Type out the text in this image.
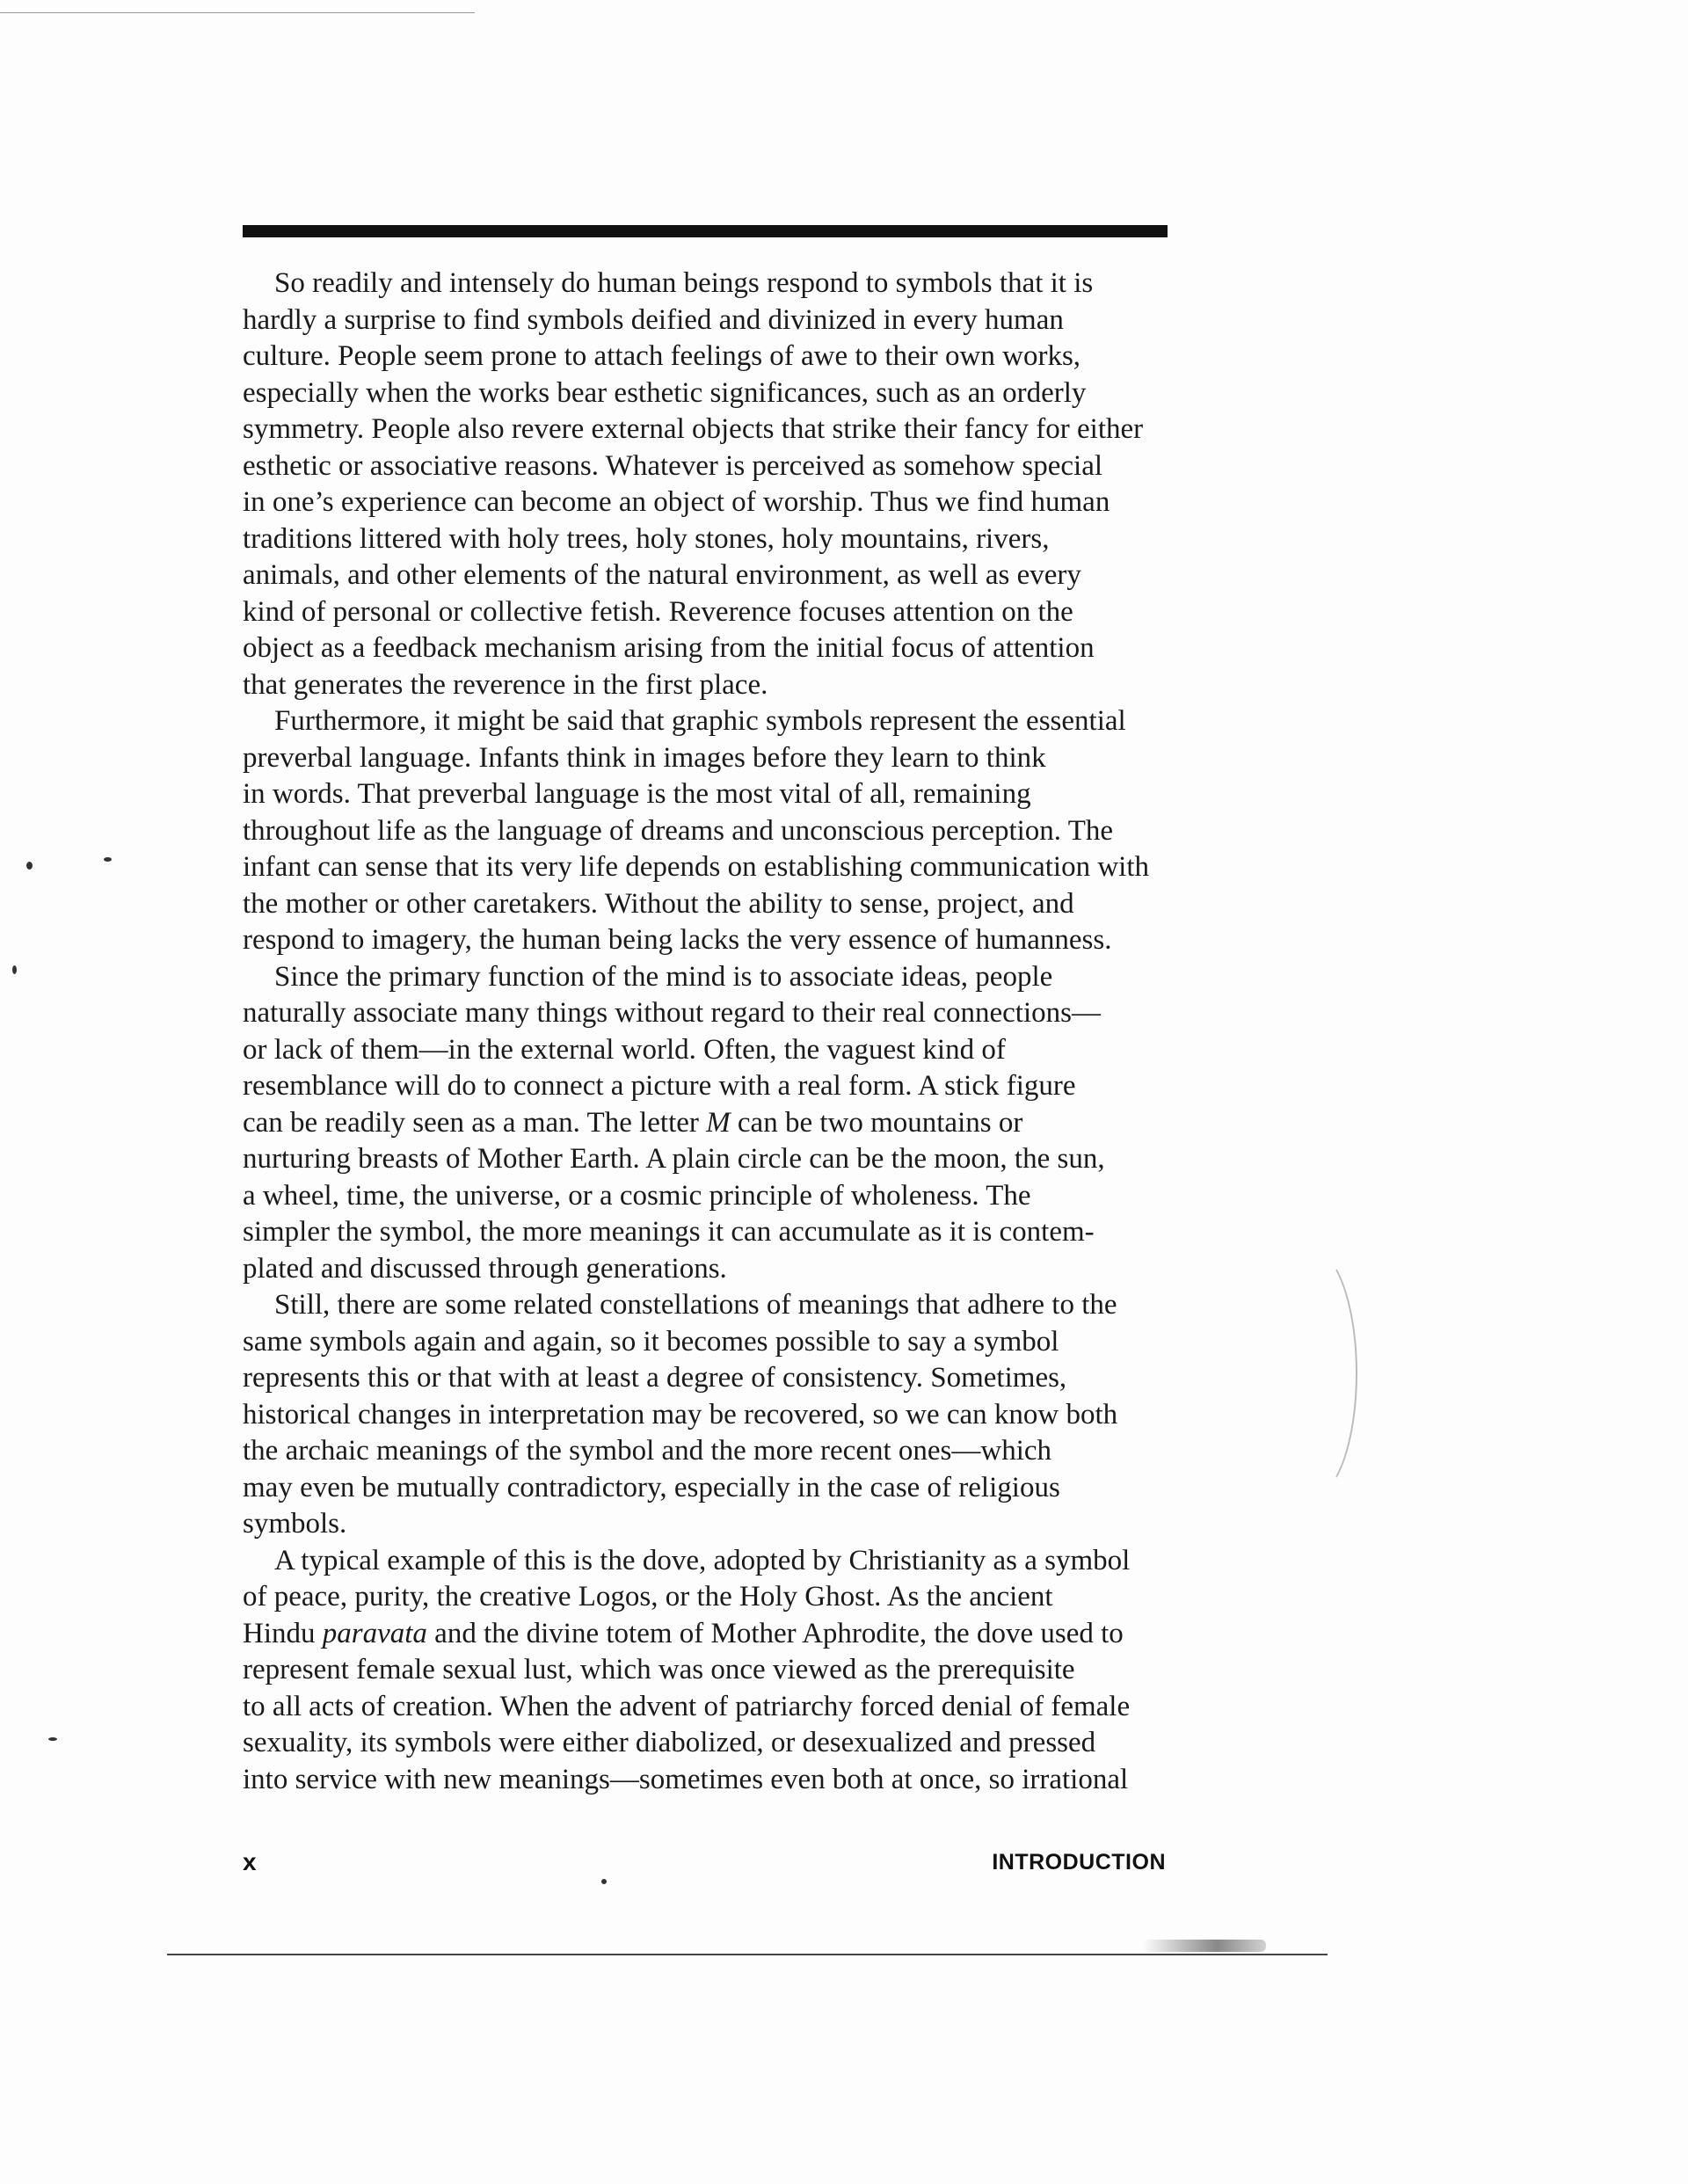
So readily and intensely do human beings respond to symbols that it is
hardly a surprise to find symbols deified and divinized in every human
culture. People seem prone to attach feelings of awe to their own works,
especially when the works bear esthetic significances, such as an orderly
symmetry. People also revere external objects that strike their fancy for either
esthetic or associative reasons. Whatever is perceived as somehow special
in one’s experience can become an object of worship. Thus we find human
traditions littered with holy trees, holy stones, holy mountains, rivers,
animals, and other elements of the natural environment, as well as every
kind of personal or collective fetish. Reverence focuses attention on the
object as a feedback mechanism arising from the initial focus of attention
that generates the reverence in the first place.
Furthermore, it might be said that graphic symbols represent the essential
preverbal language. Infants think in images before they learn to think
in words. That preverbal language is the most vital of all, remaining
throughout life as the language of dreams and unconscious perception. The
infant can sense that its very life depends on establishing communication with
the mother or other caretakers. Without the ability to sense, project, and
respond to imagery, the human being lacks the very essence of humanness.
Since the primary function of the mind is to associate ideas, people
naturally associate many things without regard to their real connections—
or lack of them—in the external world. Often, the vaguest kind of
resemblance will do to connect a picture with a real form. A stick figure
can be readily seen as a man. The letter M can be two mountains or
nurturing breasts of Mother Earth. A plain circle can be the moon, the sun,
a wheel, time, the universe, or a cosmic principle of wholeness. The
simpler the symbol, the more meanings it can accumulate as it is contem-
plated and discussed through generations.
Still, there are some related constellations of meanings that adhere to the
same symbols again and again, so it becomes possible to say a symbol
represents this or that with at least a degree of consistency. Sometimes,
historical changes in interpretation may be recovered, so we can know both
the archaic meanings of the symbol and the more recent ones—which
may even be mutually contradictory, especially in the case of religious
symbols.
A typical example of this is the dove, adopted by Christianity as a symbol
of peace, purity, the creative Logos, or the Holy Ghost. As the ancient
Hindu paravata and the divine totem of Mother Aphrodite, the dove used to
represent female sexual lust, which was once viewed as the prerequisite
to all acts of creation. When the advent of patriarchy forced denial of female
sexuality, its symbols were either diabolized, or desexualized and pressed
into service with new meanings—sometimes even both at once, so irrational
x	INTRODUCTION
